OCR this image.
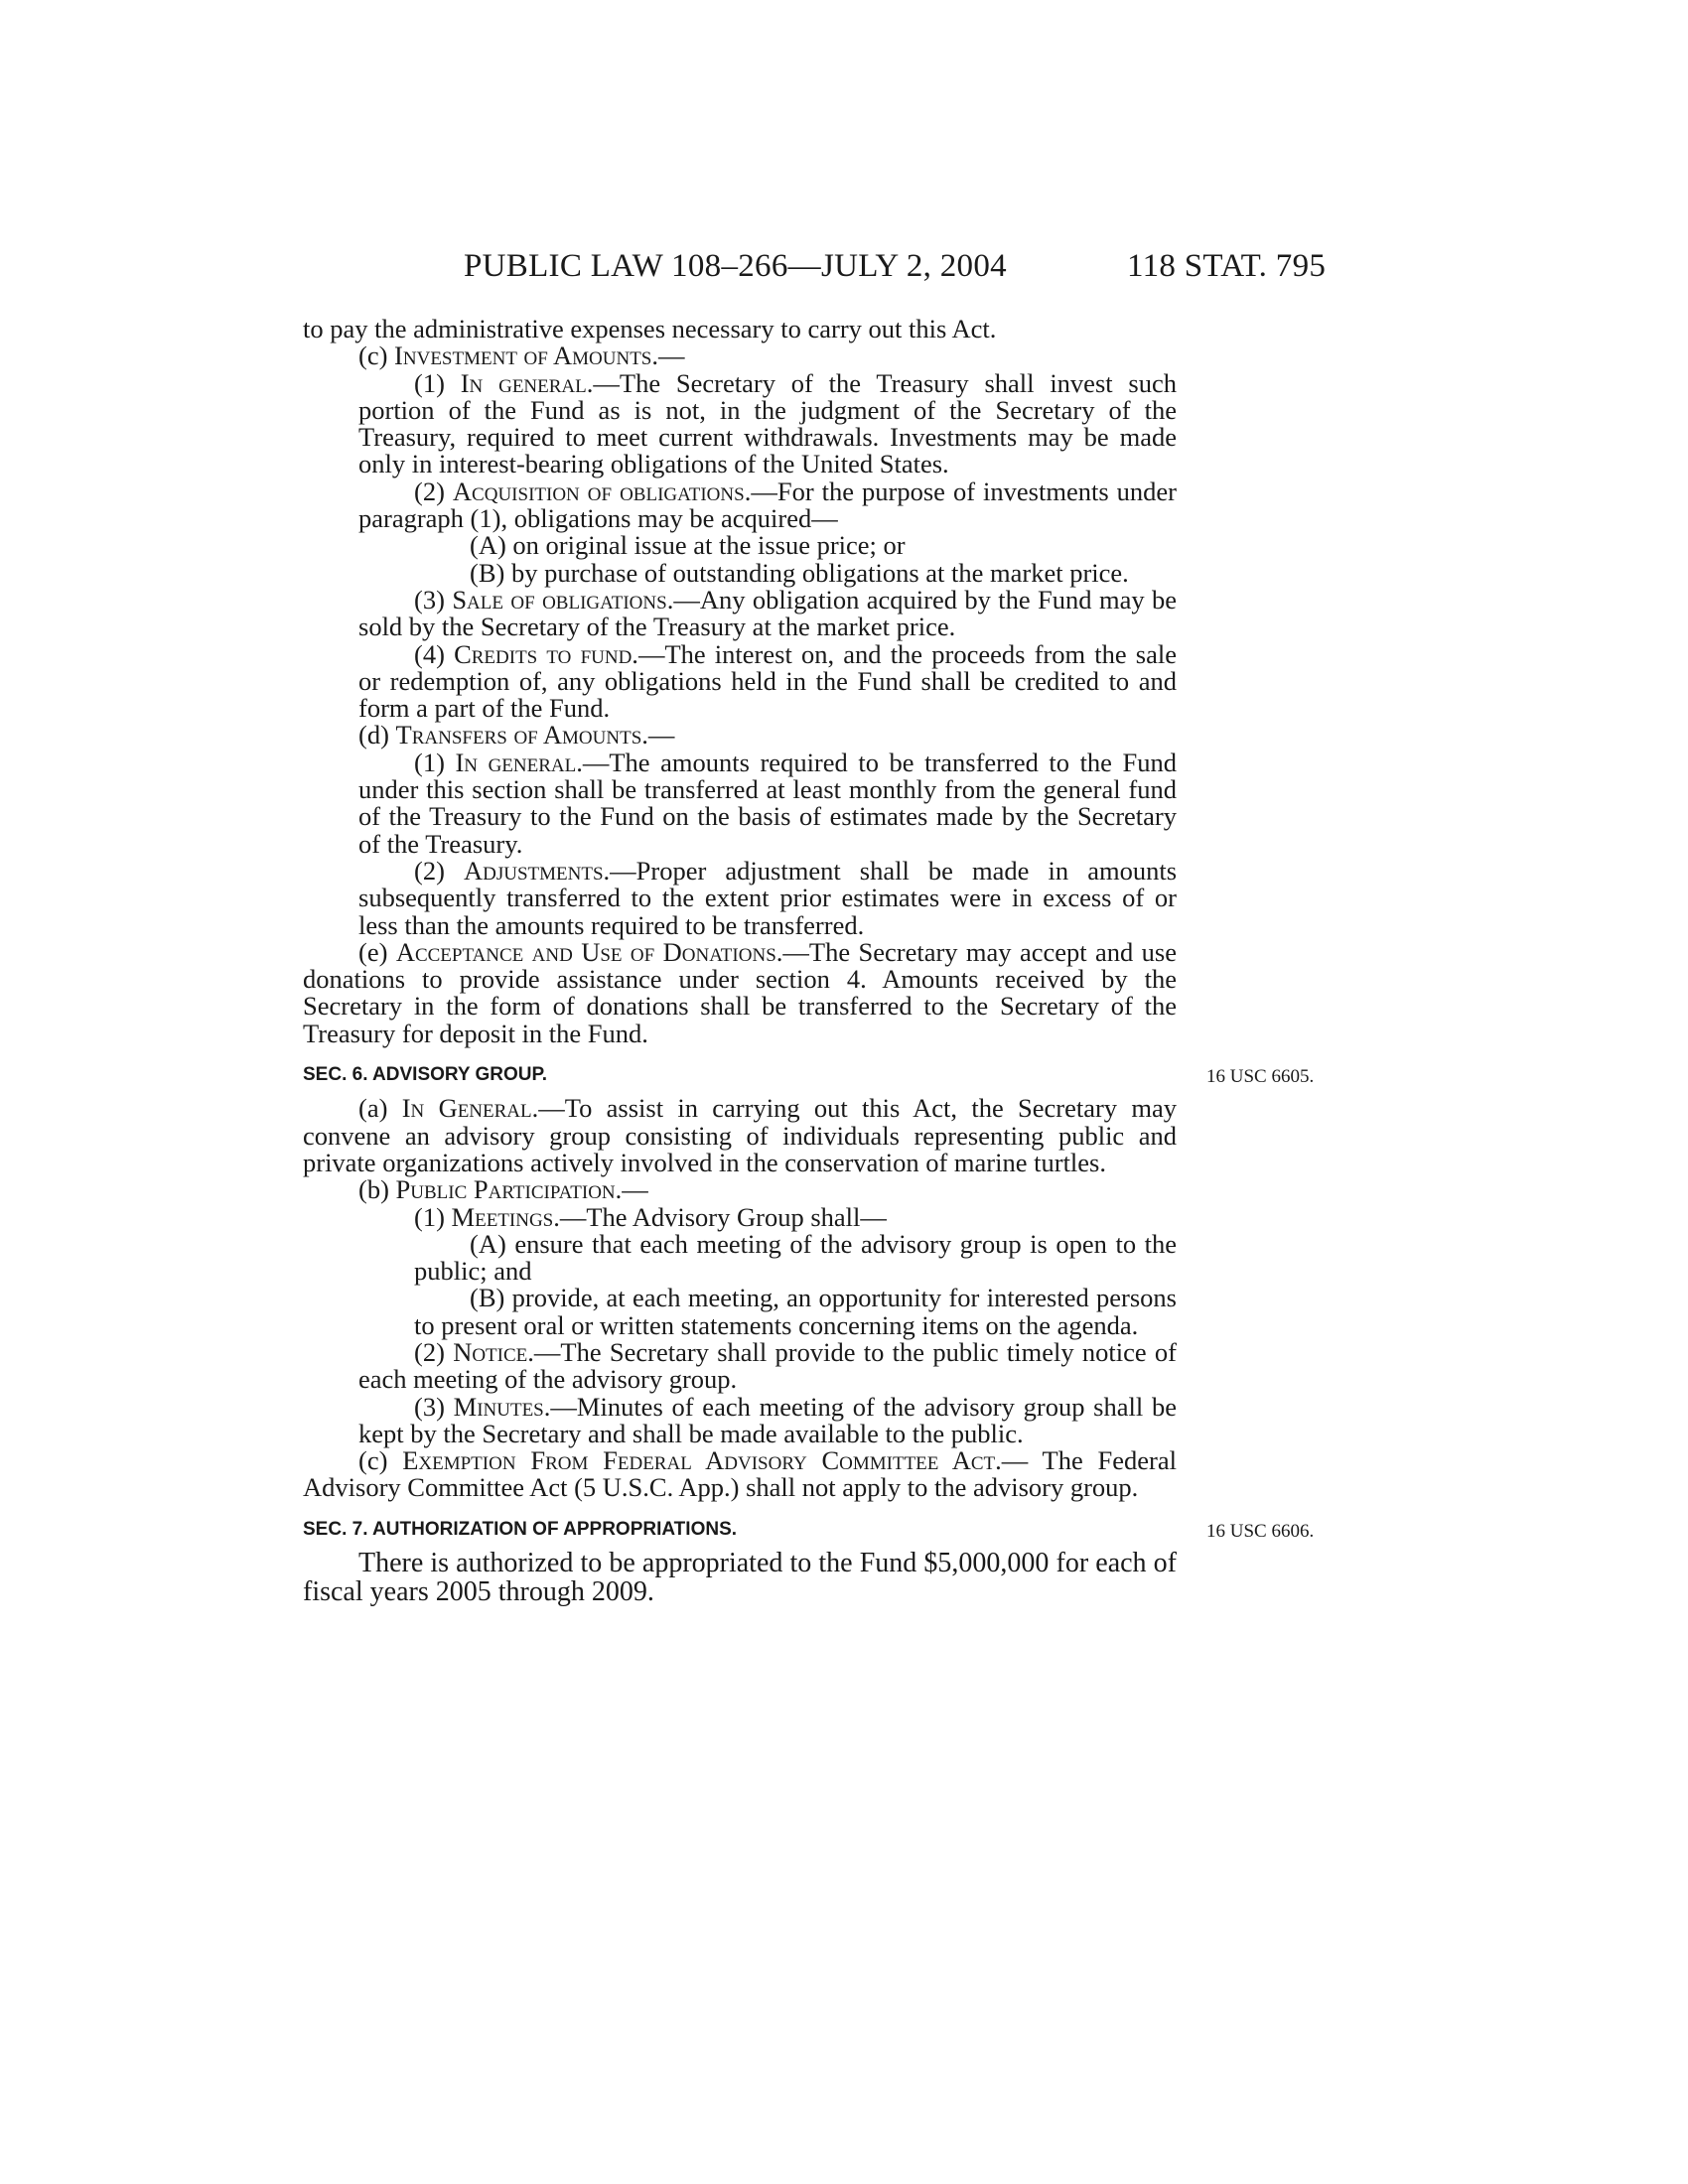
PUBLIC LAW 108–266—JULY 2, 2004	118 STAT. 795

to pay the administrative expenses necessary to carry out this Act.

(c) Investment of Amounts.—

(1) In general.—The Secretary of the Treasury shall invest such portion of the Fund as is not, in the judgment of the Secretary of the Treasury, required to meet current withdrawals. Investments may be made only in interest-bearing obligations of the United States.

(2) Acquisition of obligations.—For the purpose of investments under paragraph (1), obligations may be acquired—

(A) on original issue at the issue price; or

(B) by purchase of outstanding obligations at the market price.

(3) Sale of obligations.—Any obligation acquired by the Fund may be sold by the Secretary of the Treasury at the market price.

(4) Credits to fund.—The interest on, and the proceeds from the sale or redemption of, any obligations held in the Fund shall be credited to and form a part of the Fund.

(d) Transfers of Amounts.—

(1) In general.—The amounts required to be transferred to the Fund under this section shall be transferred at least monthly from the general fund of the Treasury to the Fund on the basis of estimates made by the Secretary of the Treasury.

(2) Adjustments.—Proper adjustment shall be made in amounts subsequently transferred to the extent prior estimates were in excess of or less than the amounts required to be transferred.

(e) Acceptance and Use of Donations.—The Secretary may accept and use donations to provide assistance under section 4. Amounts received by the Secretary in the form of donations shall be transferred to the Secretary of the Treasury for deposit in the Fund.

SEC. 6. ADVISORY GROUP.	16 USC 6605.

(a) In General.—To assist in carrying out this Act, the Secretary may convene an advisory group consisting of individuals representing public and private organizations actively involved in the conservation of marine turtles.

(b) Public Participation.—

(1) Meetings.—The Advisory Group shall—

(A) ensure that each meeting of the advisory group is open to the public; and

(B) provide, at each meeting, an opportunity for interested persons to present oral or written statements concerning items on the agenda.

(2) Notice.—The Secretary shall provide to the public timely notice of each meeting of the advisory group.

(3) Minutes.—Minutes of each meeting of the advisory group shall be kept by the Secretary and shall be made available to the public.

(c) Exemption From Federal Advisory Committee Act.— The Federal Advisory Committee Act (5 U.S.C. App.) shall not apply to the advisory group.

SEC. 7. AUTHORIZATION OF APPROPRIATIONS.	16 USC 6606.

There is authorized to be appropriated to the Fund $5,000,000 for each of fiscal years 2005 through 2009.
